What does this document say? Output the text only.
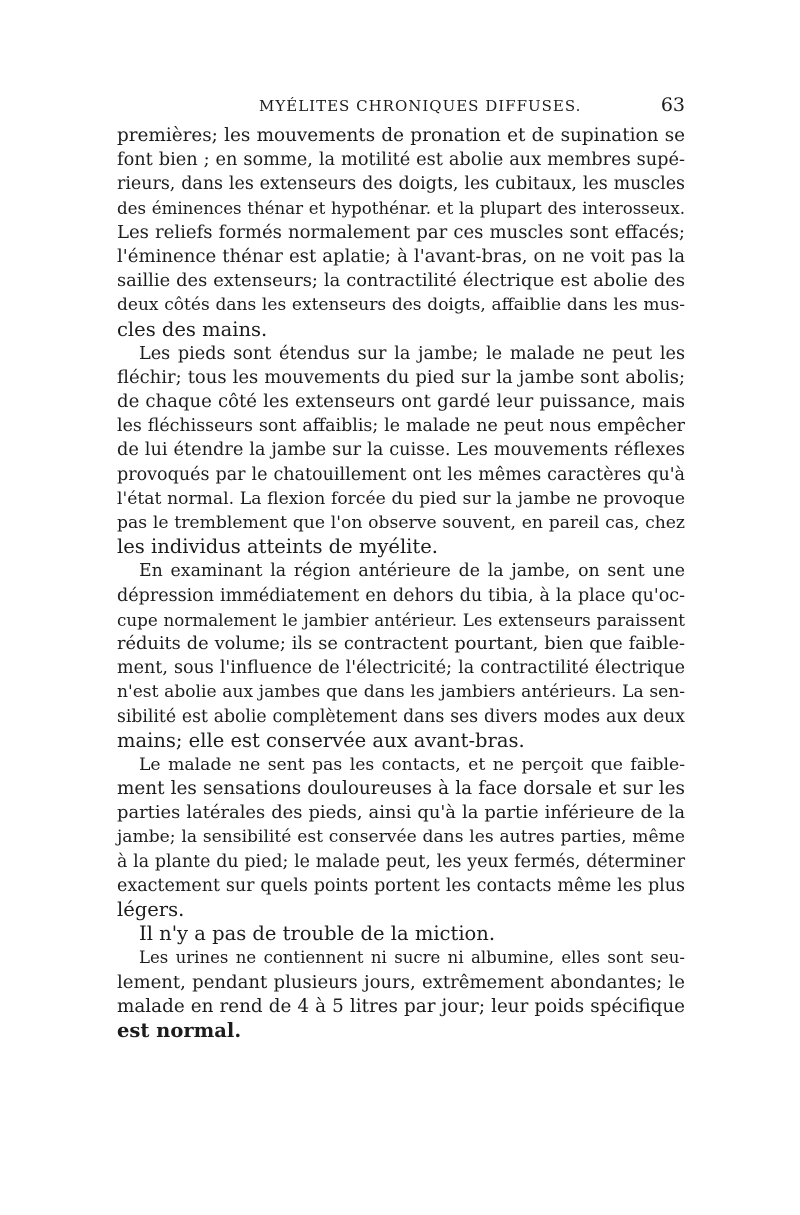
MYÉLITES CHRONIQUES DIFFUSES.	63
premières; les mouvements de pronation et de supination se
font bien ; en somme, la motilité est abolie aux membres supé-
rieurs, dans les extenseurs des doigts, les cubitaux, les muscles
des éminences thénar et hypothénar. et la plupart des interosseux.
Les reliefs formés normalement par ces muscles sont effacés;
l'éminence thénar est aplatie; à l'avant-bras, on ne voit pas la
saillie des extenseurs; la contractilité électrique est abolie des
deux côtés dans les extenseurs des doigts, affaiblie dans les mus-
cles des mains.
Les pieds sont étendus sur la jambe; le malade ne peut les
fléchir; tous les mouvements du pied sur la jambe sont abolis;
de chaque côté les extenseurs ont gardé leur puissance, mais
les fléchisseurs sont affaiblis; le malade ne peut nous empêcher
de lui étendre la jambe sur la cuisse. Les mouvements réflexes
provoqués par le chatouillement ont les mêmes caractères qu'à
l'état normal. La flexion forcée du pied sur la jambe ne provoque
pas le tremblement que l'on observe souvent, en pareil cas, chez
les individus atteints de myélite.
En examinant la région antérieure de la jambe, on sent une
dépression immédiatement en dehors du tibia, à la place qu'oc-
cupe normalement le jambier antérieur. Les extenseurs paraissent
réduits de volume; ils se contractent pourtant, bien que faible-
ment, sous l'influence de l'électricité; la contractilité électrique
n'est abolie aux jambes que dans les jambiers antérieurs. La sen-
sibilité est abolie complètement dans ses divers modes aux deux
mains; elle est conservée aux avant-bras.
Le malade ne sent pas les contacts, et ne perçoit que faible-
ment les sensations douloureuses à la face dorsale et sur les
parties latérales des pieds, ainsi qu'à la partie inférieure de la
jambe; la sensibilité est conservée dans les autres parties, même
à la plante du pied; le malade peut, les yeux fermés, déterminer
exactement sur quels points portent les contacts même les plus
légers.
Il n'y a pas de trouble de la miction.
Les urines ne contiennent ni sucre ni albumine, elles sont seu-
lement, pendant plusieurs jours, extrêmement abondantes; le
malade en rend de 4 à 5 litres par jour; leur poids spécifique
est normal.
